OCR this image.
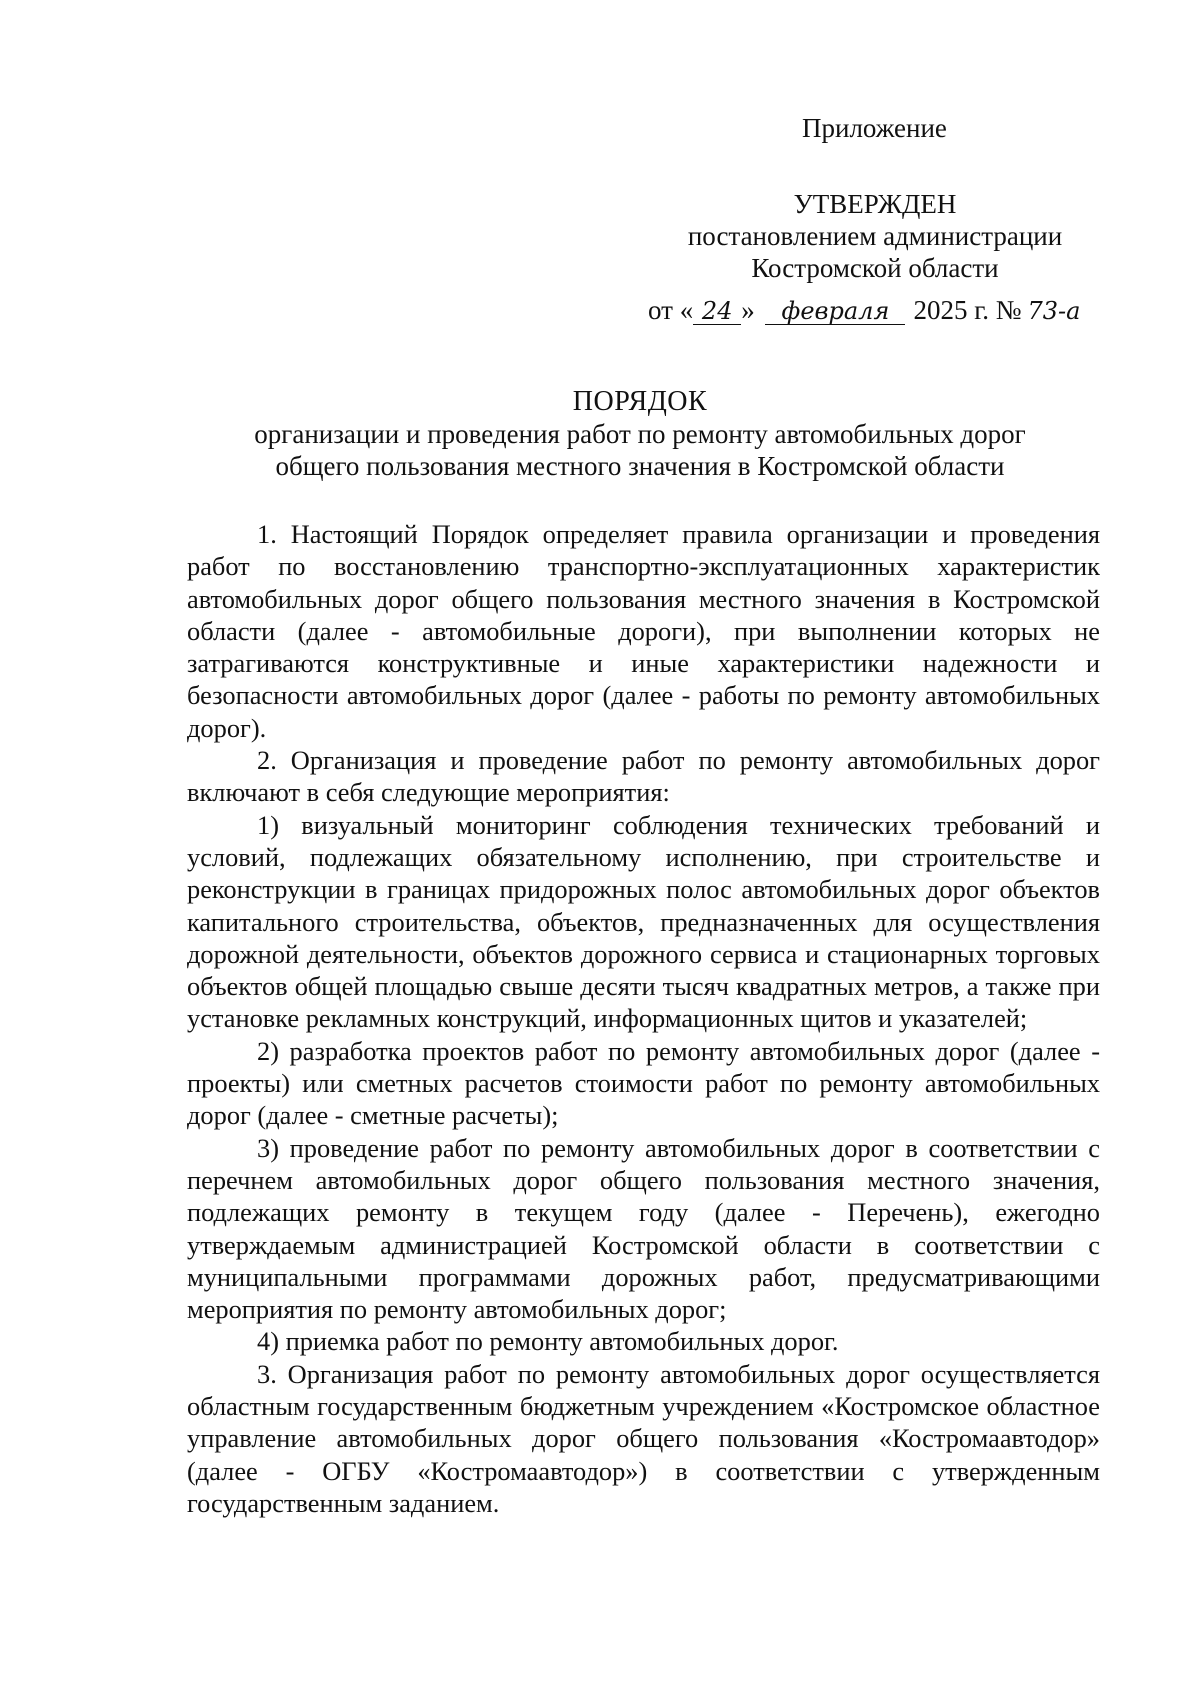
Приложение
УТВЕРЖДЕН
постановлением администрации
Костромской области
от « 24 » февраля 2025 г. № 73-а
ПОРЯДОК
организации и проведения работ по ремонту автомобильных дорог
общего пользования местного значения в Костромской области

1. Настоящий Порядок определяет правила организации и проведения работ по восстановлению транспортно-эксплуатационных характеристик автомобильных дорог общего пользования местного значения в Костромской области (далее - автомобильные дороги), при выполнении которых не затрагиваются конструктивные и иные характеристики надежности и безопасности автомобильных дорог (далее - работы по ремонту автомобильных дорог).

2. Организация и проведение работ по ремонту автомобильных дорог включают в себя следующие мероприятия:

1) визуальный мониторинг соблюдения технических требований и условий, подлежащих обязательному исполнению, при строительстве и реконструкции в границах придорожных полос автомобильных дорог объектов капитального строительства, объектов, предназначенных для осуществления дорожной деятельности, объектов дорожного сервиса и стационарных торговых объектов общей площадью свыше десяти тысяч квадратных метров, а также при установке рекламных конструкций, информационных щитов и указателей;

2) разработка проектов работ по ремонту автомобильных дорог (далее - проекты) или сметных расчетов стоимости работ по ремонту автомобильных дорог (далее - сметные расчеты);

3) проведение работ по ремонту автомобильных дорог в соответствии с перечнем автомобильных дорог общего пользования местного значения, подлежащих ремонту в текущем году (далее - Перечень), ежегодно утверждаемым администрацией Костромской области в соответствии с муниципальными программами дорожных работ, предусматривающими мероприятия по ремонту автомобильных дорог;

4) приемка работ по ремонту автомобильных дорог.

3. Организация работ по ремонту автомобильных дорог осуществляется областным государственным бюджетным учреждением «Костромское областное управление автомобильных дорог общего пользования «Костромаавтодор» (далее - ОГБУ «Костромаавтодор») в соответствии с утвержденным государственным заданием.
